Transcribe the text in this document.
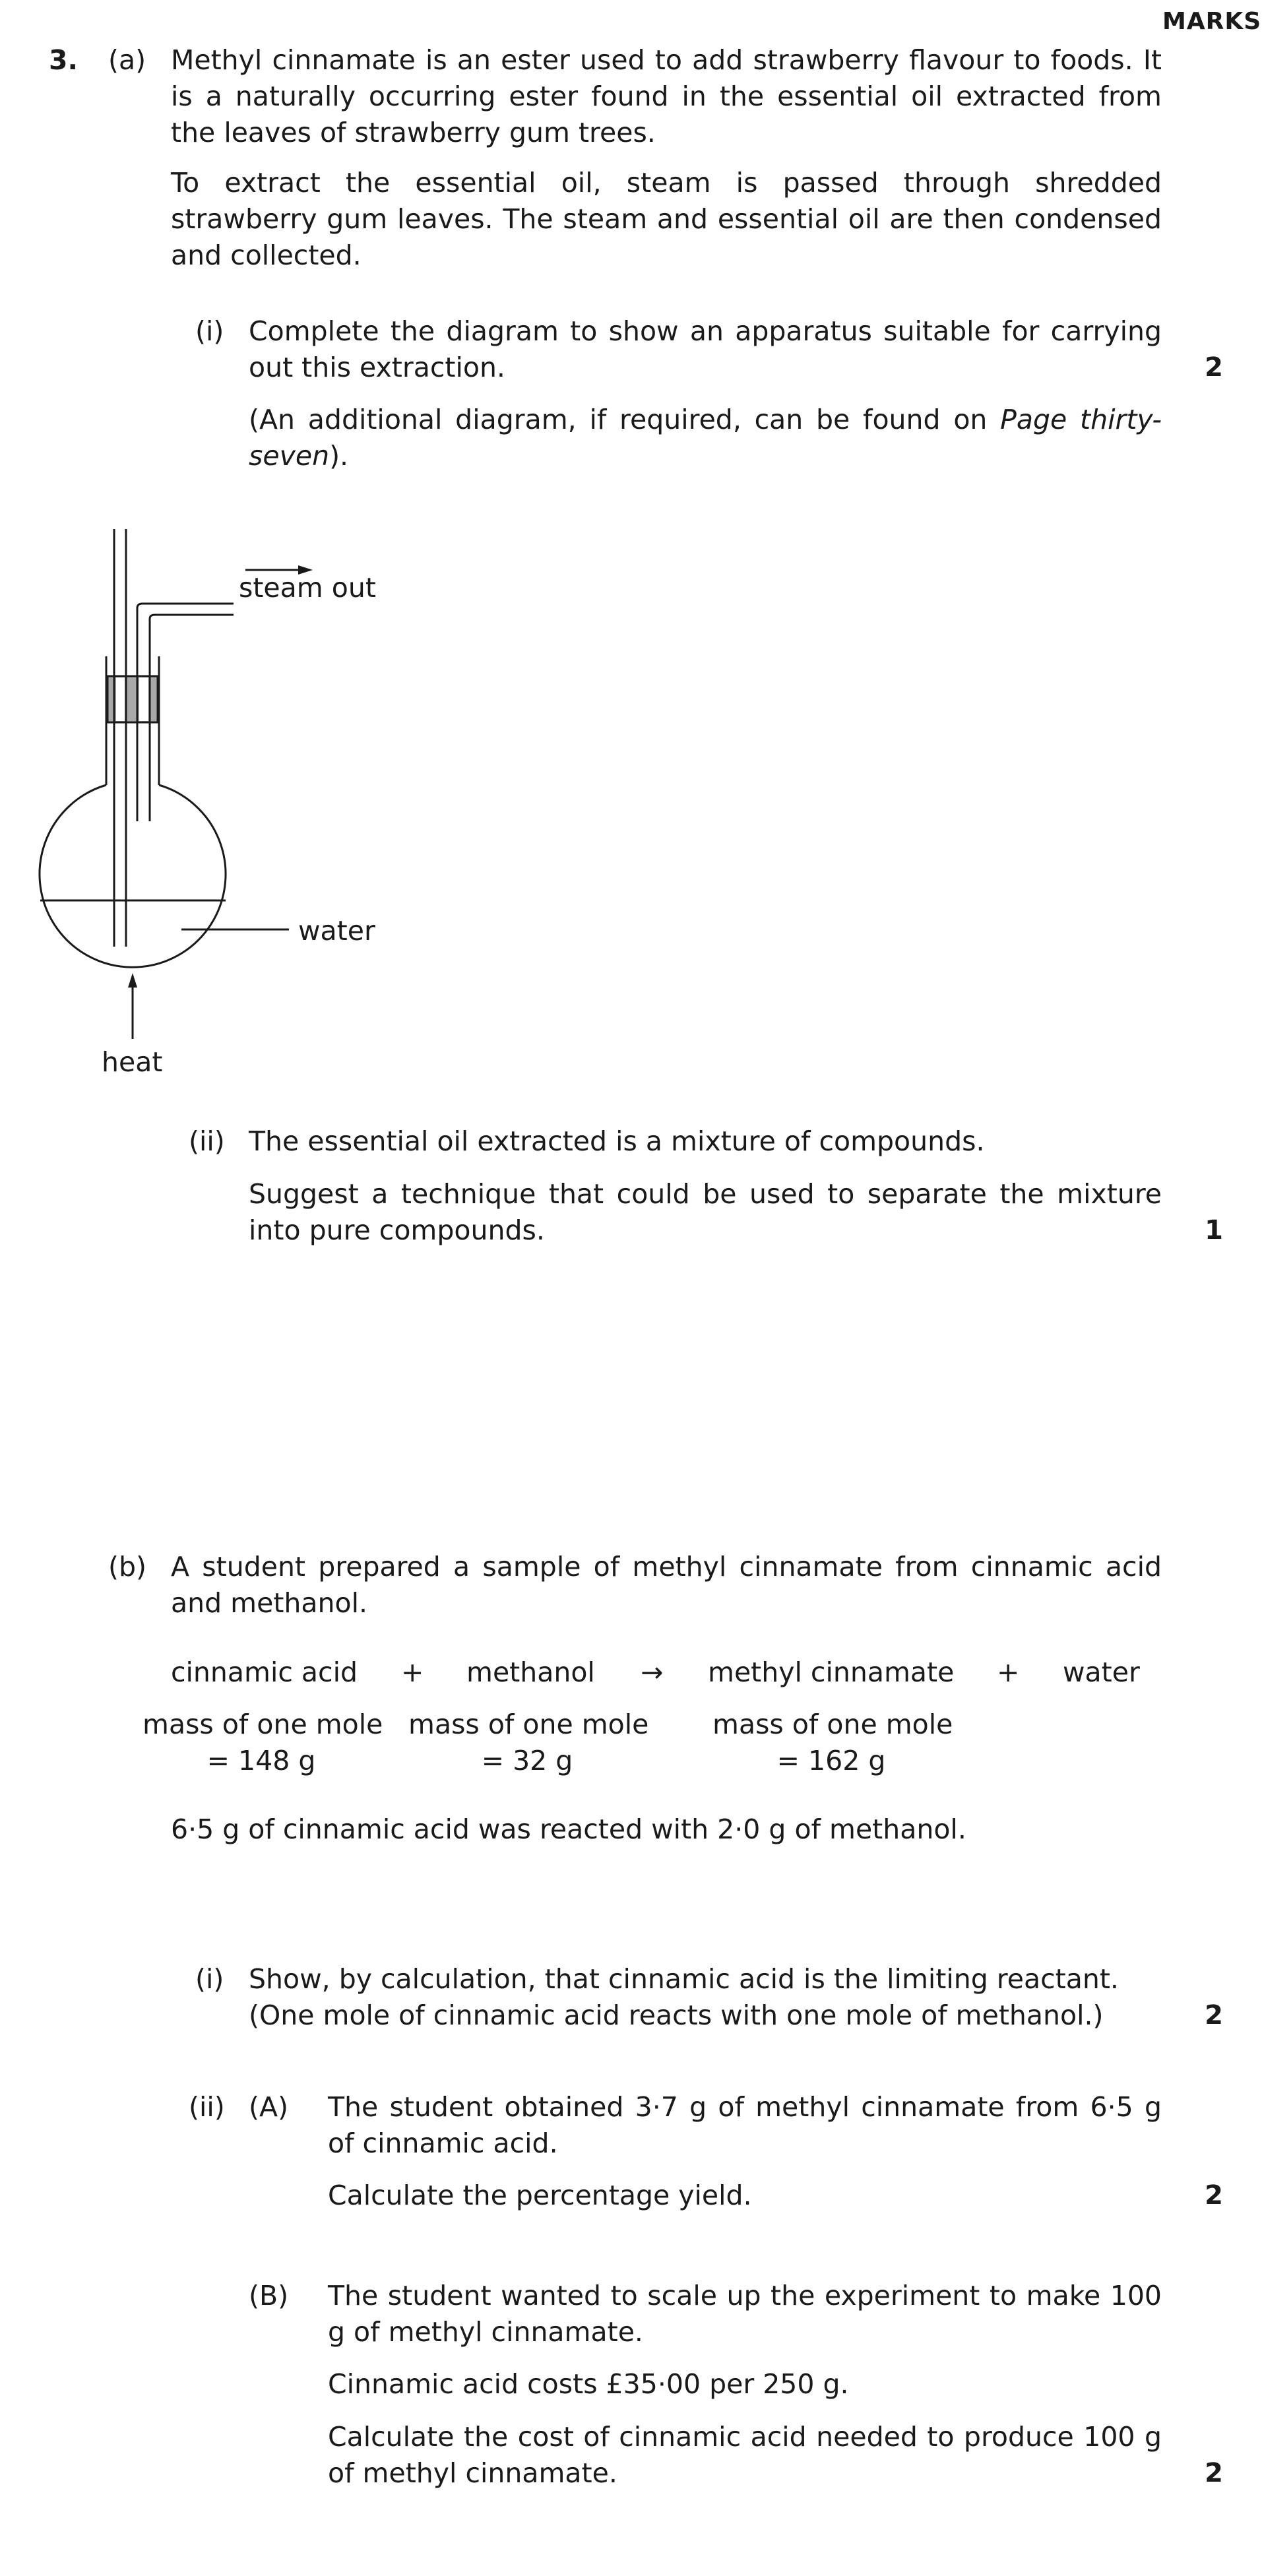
MARKS
3. (a) Methyl cinnamate is an ester used to add strawberry flavour to foods. It is a naturally occurring ester found in the essential oil extracted from the leaves of strawberry gum trees.
To extract the essential oil, steam is passed through shredded strawberry gum leaves. The steam and essential oil are then condensed and collected.
(i) Complete the diagram to show an apparatus suitable for carrying out this extraction.	2
(An additional diagram, if required, can be found on Page thirty-seven).
steam out
water
heat
(ii) The essential oil extracted is a mixture of compounds.
Suggest a technique that could be used to separate the mixture into pure compounds.	1
(b) A student prepared a sample of methyl cinnamate from cinnamic acid and methanol.
cinnamic acid + methanol → methyl cinnamate + water
mass of one mole
= 148 g
mass of one mole
= 32 g
mass of one mole
= 162 g
6·5 g of cinnamic acid was reacted with 2·0 g of methanol.
(i) Show, by calculation, that cinnamic acid is the limiting reactant.
(One mole of cinnamic acid reacts with one mole of methanol.)	2
(ii) (A) The student obtained 3·7 g of methyl cinnamate from 6·5 g of cinnamic acid.
Calculate the percentage yield.	2
(B) The student wanted to scale up the experiment to make 100 g of methyl cinnamate.
Cinnamic acid costs £35·00 per 250 g.
Calculate the cost of cinnamic acid needed to produce 100 g of methyl cinnamate.	2
